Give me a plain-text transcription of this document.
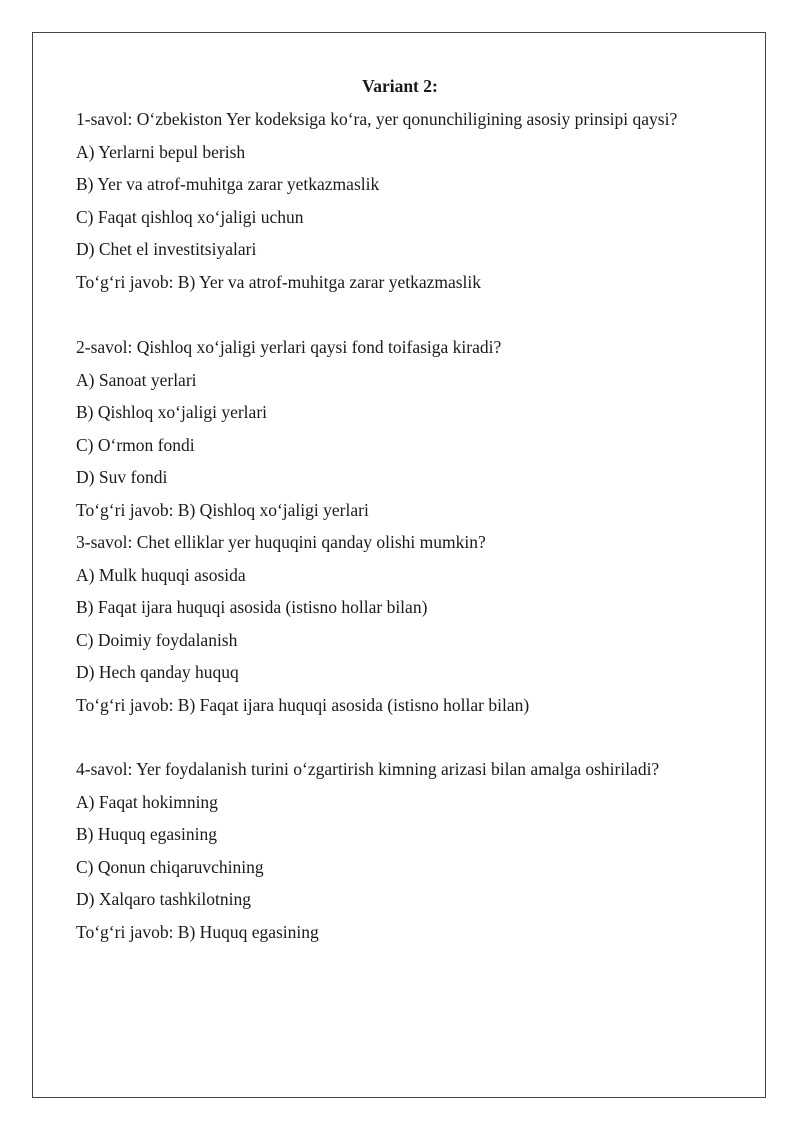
Variant 2:
1-savol: O‘zbekiston Yer kodeksiga ko‘ra, yer qonunchiligining asosiy prinsipi qaysi?
A) Yerlarni bepul berish
B) Yer va atrof-muhitga zarar yetkazmaslik
C) Faqat qishloq xo‘jaligi uchun
D) Chet el investitsiyalari
To‘g‘ri javob: B) Yer va atrof-muhitga zarar yetkazmaslik
2-savol: Qishloq xo‘jaligi yerlari qaysi fond toifasiga kiradi?
A) Sanoat yerlari
B) Qishloq xo‘jaligi yerlari
C) O‘rmon fondi
D) Suv fondi
To‘g‘ri javob: B) Qishloq xo‘jaligi yerlari
3-savol: Chet elliklar yer huquqini qanday olishi mumkin?
A) Mulk huquqi asosida
B) Faqat ijara huquqi asosida (istisno hollar bilan)
C) Doimiy foydalanish
D) Hech qanday huquq
To‘g‘ri javob: B) Faqat ijara huquqi asosida (istisno hollar bilan)
4-savol: Yer foydalanish turini o‘zgartirish kimning arizasi bilan amalga oshiriladi?
A) Faqat hokimning
B) Huquq egasining
C) Qonun chiqaruvchining
D) Xalqaro tashkilotning
To‘g‘ri javob: B) Huquq egasining
